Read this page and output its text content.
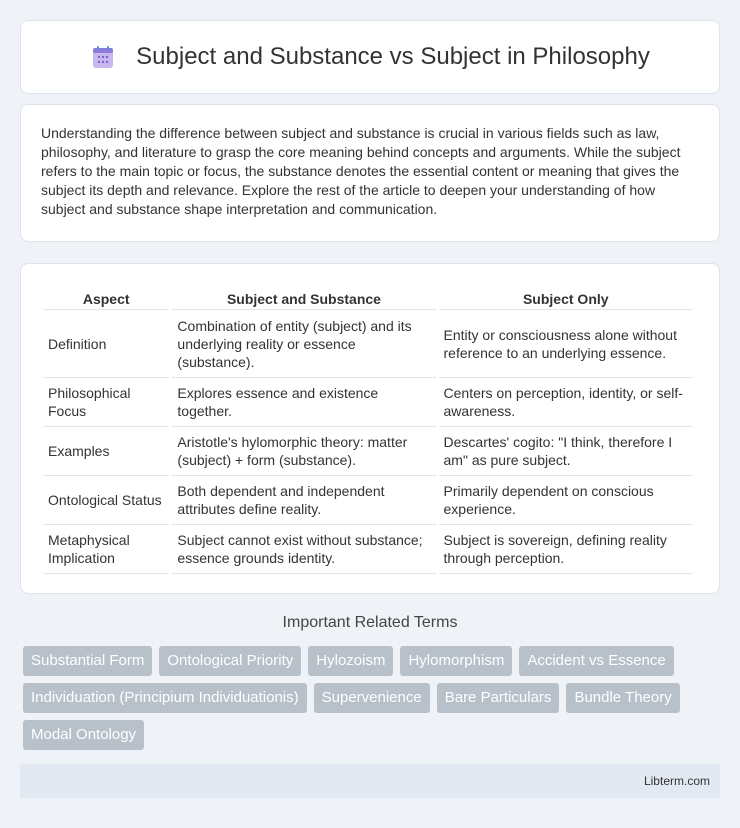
Subject and Substance vs Subject in Philosophy

Understanding the difference between subject and substance is crucial in various fields such as law, philosophy, and literature to grasp the core meaning behind concepts and arguments. While the subject refers to the main topic or focus, the substance denotes the essential content or meaning that gives the subject its depth and relevance. Explore the rest of the article to deepen your understanding of how subject and substance shape interpretation and communication.

Aspect	Subject and Substance	Subject Only
Definition	Combination of entity (subject) and its underlying reality or essence (substance).	Entity or consciousness alone without reference to an underlying essence.
Philosophical Focus	Explores essence and existence together.	Centers on perception, identity, or self-awareness.
Examples	Aristotle's hylomorphic theory: matter (subject) + form (substance).	Descartes' cogito: "I think, therefore I am" as pure subject.
Ontological Status	Both dependent and independent attributes define reality.	Primarily dependent on conscious experience.
Metaphysical Implication	Subject cannot exist without substance; essence grounds identity.	Subject is sovereign, defining reality through perception.
Important Related Terms
Substantial Form	Ontological Priority	Hylozoism	Hylomorphism	Accident vs Essence
Individuation (Principium Individuationis)	Supervenience	Bare Particulars	Bundle Theory
Modal Ontology
Libterm.com
